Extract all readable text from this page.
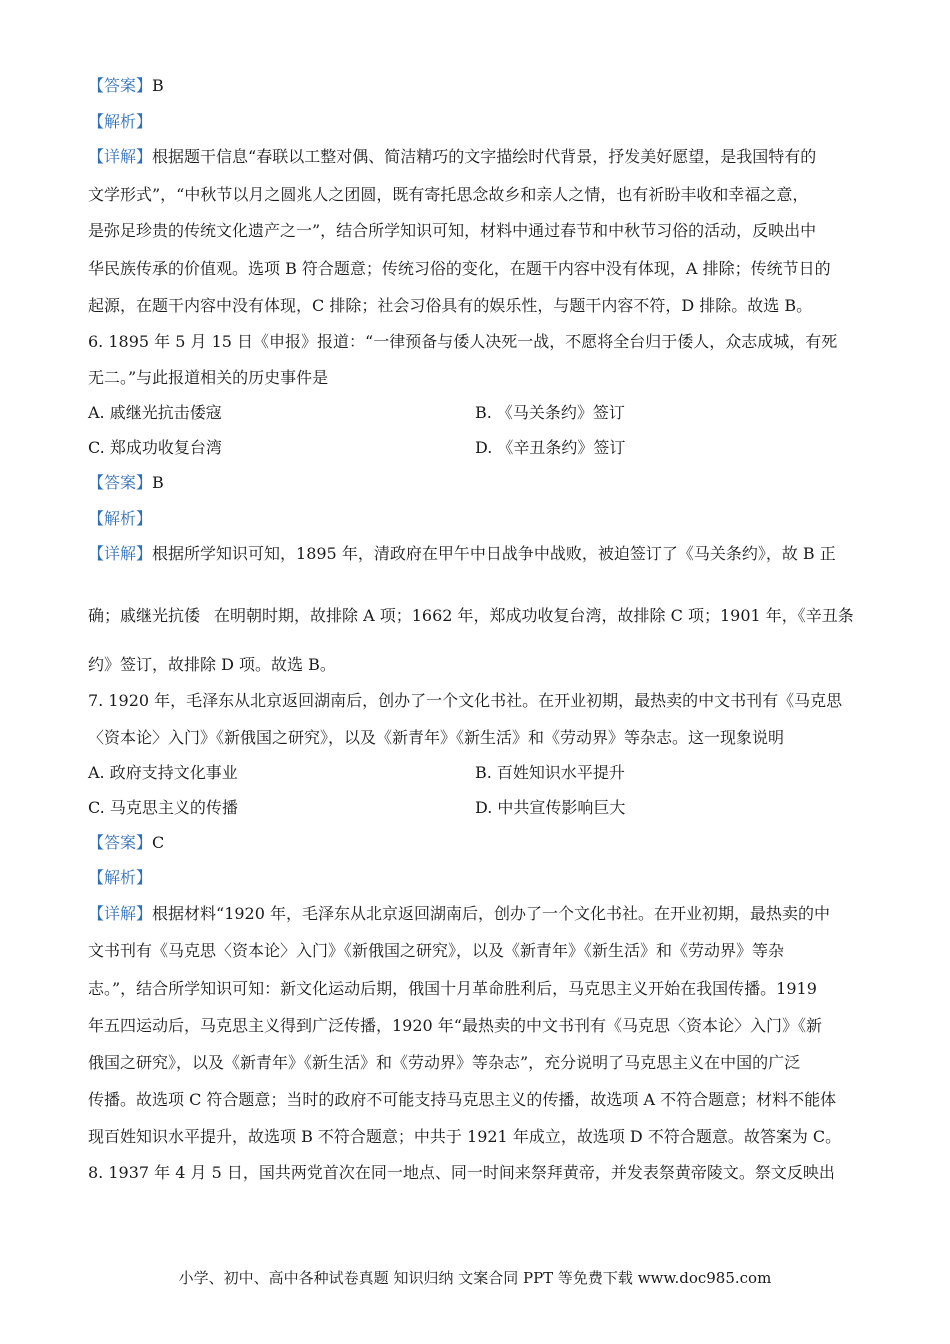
【答案】B
【解析】
【详解】根据题干信息“春联以工整对偶、简洁精巧的文字描绘时代背景，抒发美好愿望，是我国特有的
文学形式”，“中秋节以月之圆兆人之团圆，既有寄托思念故乡和亲人之情，也有祈盼丰收和幸福之意，
是弥足珍贵的传统文化遗产之一”，结合所学知识可知，材料中通过春节和中秋节习俗的活动，反映出中
华民族传承的价值观。选项 B 符合题意；传统习俗的变化，在题干内容中没有体现，A 排除；传统节日的
起源，在题干内容中没有体现，C 排除；社会习俗具有的娱乐性，与题干内容不符，D 排除。故选 B。
6. 1895 年 5 月 15 日《申报》报道：“一律预备与倭人决死一战，不愿将全台归于倭人，众志成城，有死
无二。”与此报道相关的历史事件是
A. 戚继光抗击倭寇	B. 《马关条约》签订
C. 郑成功收复台湾	D. 《辛丑条约》签订
【答案】B
【解析】
【详解】根据所学知识可知，1895 年，清政府在甲午中日战争中战败，被迫签订了《马关条约》，故 B 正
确；戚继光抗倭 在明朝时期，故排除 A 项；1662 年，郑成功收复台湾，故排除 C 项；1901 年，《辛丑条
约》签订，故排除 D 项。故选 B。
7. 1920 年，毛泽东从北京返回湖南后，创办了一个文化书社。在开业初期，最热卖的中文书刊有《马克思
〈资本论〉入门》《新俄国之研究》，以及《新青年》《新生活》和《劳动界》等杂志。这一现象说明
A. 政府支持文化事业	B. 百姓知识水平提升
C. 马克思主义的传播	D. 中共宣传影响巨大
【答案】C
【解析】
【详解】根据材料“1920 年，毛泽东从北京返回湖南后，创办了一个文化书社。在开业初期，最热卖的中
文书刊有《马克思〈资本论〉入门》《新俄国之研究》，以及《新青年》《新生活》和《劳动界》等杂
志。”，结合所学知识可知：新文化运动后期，俄国十月革命胜利后，马克思主义开始在我国传播。1919
年五四运动后，马克思主义得到广泛传播，1920 年“最热卖的中文书刊有《马克思〈资本论〉入门》《新
俄国之研究》，以及《新青年》《新生活》和《劳动界》等杂志”，充分说明了马克思主义在中国的广泛
传播。故选项 C 符合题意；当时的政府不可能支持马克思主义的传播，故选项 A 不符合题意；材料不能体
现百姓知识水平提升，故选项 B 不符合题意；中共于 1921 年成立，故选项 D 不符合题意。故答案为 C。
8. 1937 年 4 月 5 日，国共两党首次在同一地点、同一时间来祭拜黄帝，并发表祭黄帝陵文。祭文反映出
小学、初中、高中各种试卷真题 知识归纳 文案合同 PPT 等免费下载 www.doc985.com
